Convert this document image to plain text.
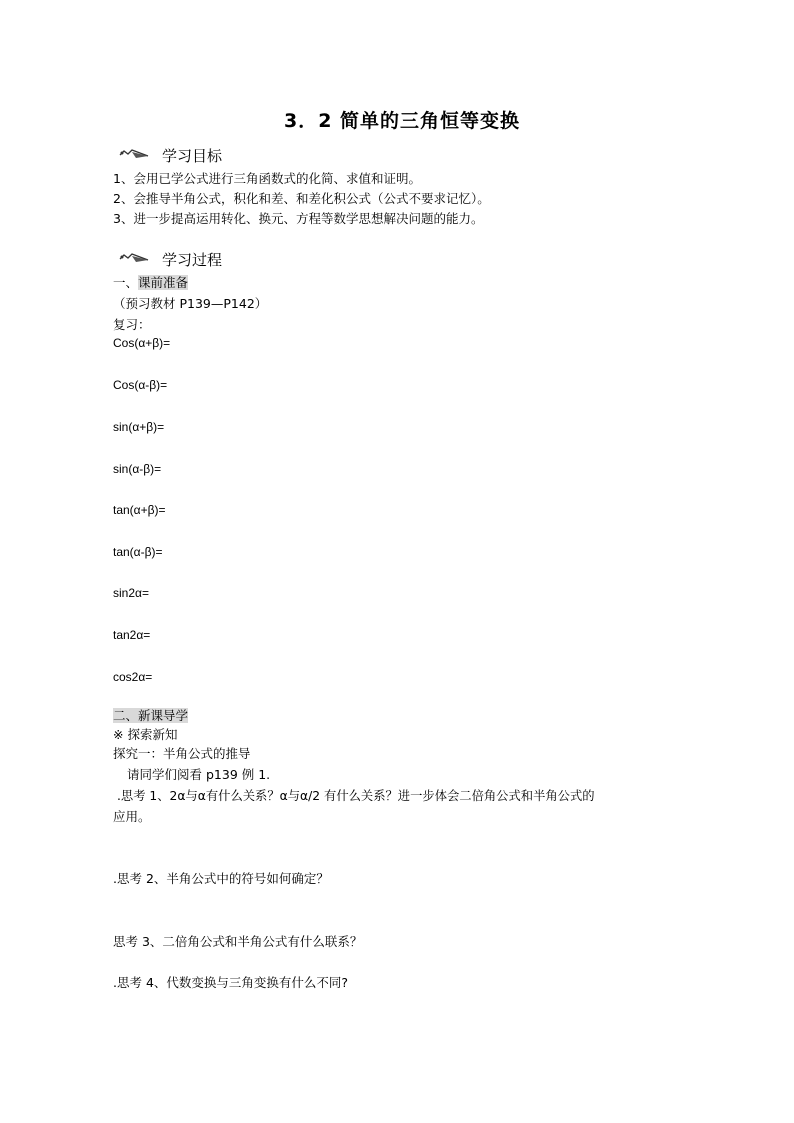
3．2 简单的三角恒等变换
学习目标
1、会用已学公式进行三角函数式的化简、求值和证明。
2、会推导半角公式，积化和差、和差化积公式（公式不要求记忆）。
3、进一步提高运用转化、换元、方程等数学思想解决问题的能力。
学习过程
一、课前准备
（预习教材 P139—P142）
复习：
Cos(α+β)=
Cos(α-β)=
sin(α+β)=
sin(α-β)=
tan(α+β)=
tan(α-β)=
sin2α=
tan2α=
cos2α=
二、新课导学
※ 探索新知
探究一：半角公式的推导
请同学们阅看 p139 例 1.
.思考 1、2α与α有什么关系？α与α/2 有什么关系？进一步体会二倍角公式和半角公式的
应用。
.思考 2、半角公式中的符号如何确定？
思考 3、二倍角公式和半角公式有什么联系？
.思考 4、代数变换与三角变换有什么不同?
